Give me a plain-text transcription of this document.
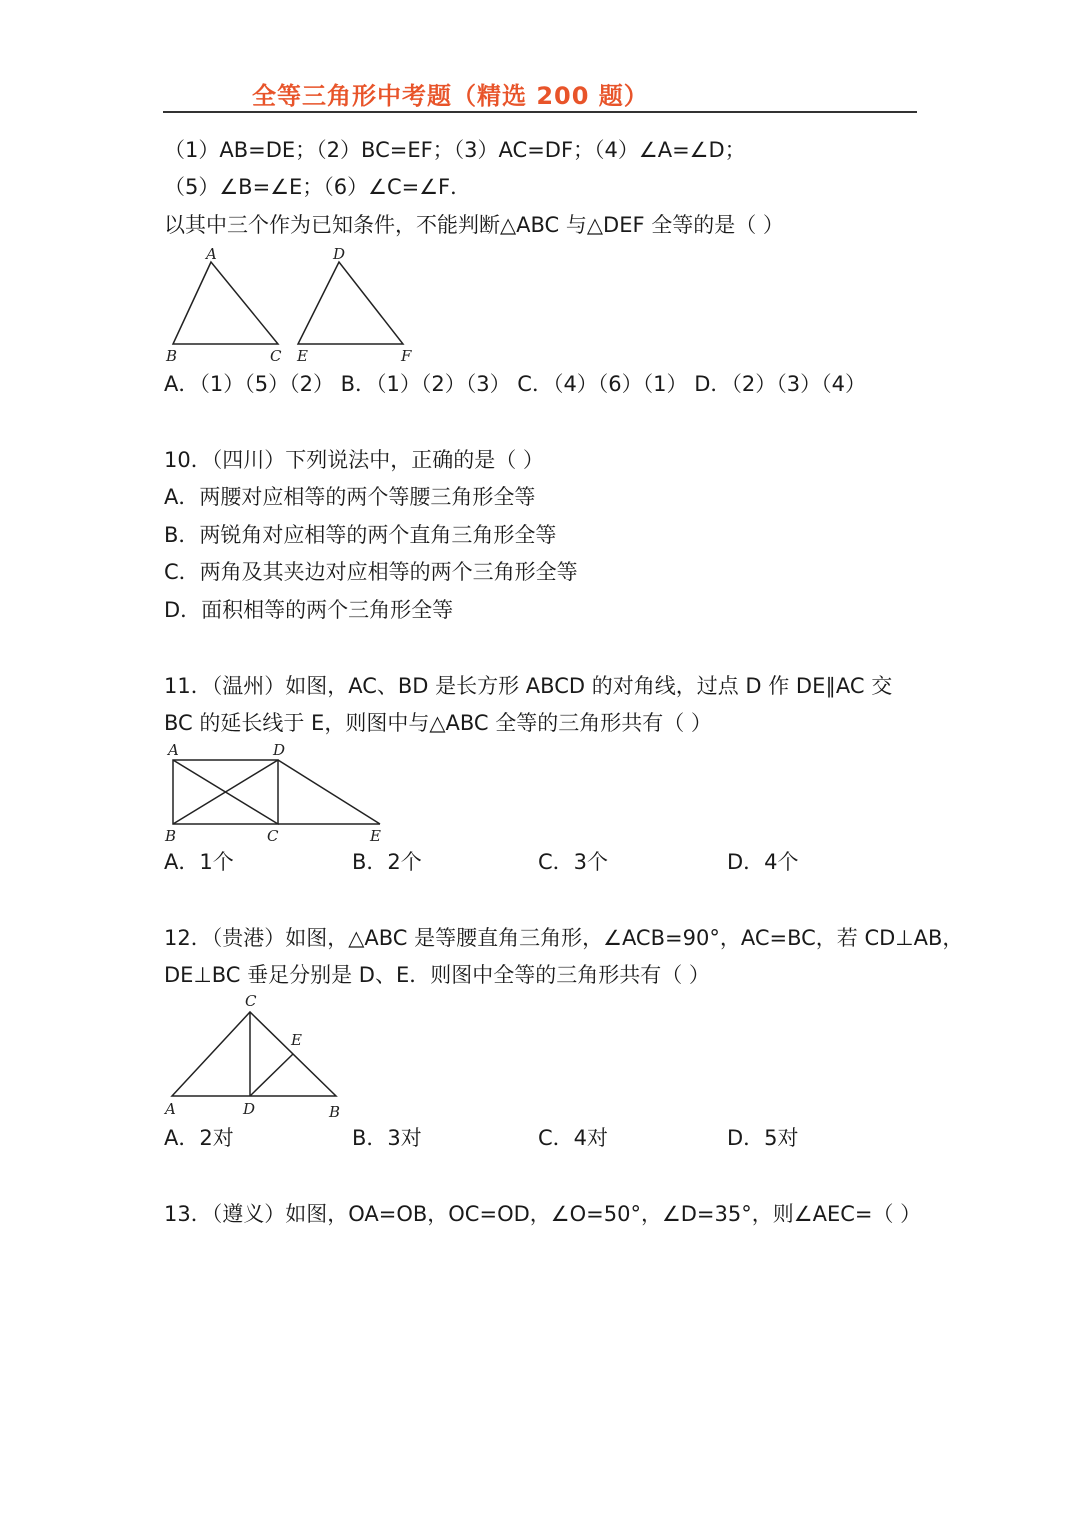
全等三角形中考题（精选 200 题）
（1）AB=DE；（2）BC=EF；（3）AC=DF；（4）∠A=∠D；
（5）∠B=∠E；（6）∠C=∠F．
以其中三个作为已知条件，不能判断△ABC 与△DEF 全等的是（ ）
A
B	C
D
E	F
A．（1）（5）（2） B．（1）（2）（3） C．（4）（6）（1） D．（2）（3）（4）
10．（四川）下列说法中，正确的是（ ）
A．两腰对应相等的两个等腰三角形全等
B．两锐角对应相等的两个直角三角形全等
C．两角及其夹边对应相等的两个三角形全等
D．面积相等的两个三角形全等
11．（温州）如图，AC、BD 是长方形 ABCD 的对角线，过点 D 作 DE∥AC 交
BC 的延长线于 E，则图中与△ABC 全等的三角形共有（ ）
A	D
B	C	E
A．1个	B．2个	C．3个	D．4个
12．（贵港）如图，△ABC 是等腰直角三角形，∠ACB=90°，AC=BC，若 CD⊥AB，
DE⊥BC 垂足分别是 D、E．则图中全等的三角形共有（ ）
C
E
A	D	B
A．2对	B．3对	C．4对	D．5对
13．（遵义）如图，OA=OB，OC=OD，∠O=50°，∠D=35°，则∠AEC=（ ）
